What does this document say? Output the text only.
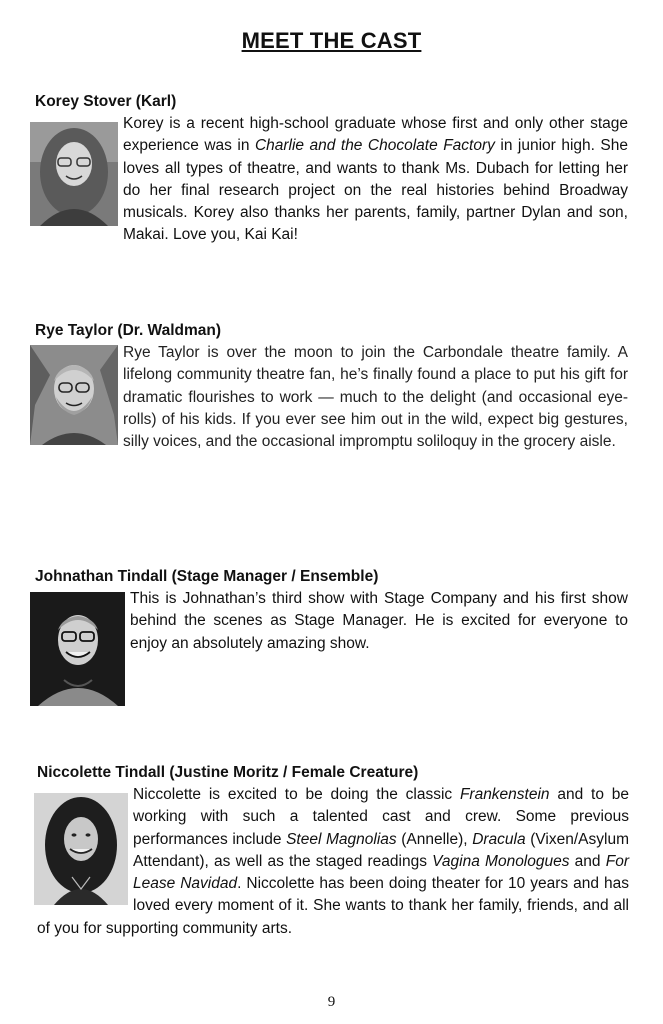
MEET THE CAST
Korey Stover (Karl)
Korey is a recent high-school graduate whose first and only other stage experience was in Charlie and the Chocolate Factory in junior high. She loves all types of theatre, and wants to thank Ms. Dubach for letting her do her final research project on the real histories behind Broadway musicals. Korey also thanks her parents, family, partner Dylan and son, Makai. Love you, Kai Kai!
Rye Taylor (Dr. Waldman)
Rye Taylor is over the moon to join the Carbondale theatre family. A lifelong community theatre fan, he’s finally found a place to put his gift for dramatic flourishes to work — much to the delight (and occasional eye-rolls) of his kids. If you ever see him out in the wild, expect big gestures, silly voices, and the occasional impromptu soliloquy in the grocery aisle.
Johnathan Tindall (Stage Manager / Ensemble)
This is Johnathan’s third show with Stage Company and his first show behind the scenes as Stage Manager. He is excited for everyone to enjoy an absolutely amazing show.
Niccolette Tindall (Justine Moritz / Female Creature)
Niccolette is excited to be doing the classic Frankenstein and to be working with such a talented cast and crew. Some previous performances include Steel Magnolias (Annelle), Dracula (Vixen/Asylum Attendant), as well as the staged readings Vagina Monologues and For Lease Navidad. Niccolette has been doing theater for 10 years and has loved every moment of it. She wants to thank her family, friends, and all of you for supporting community arts.
9
